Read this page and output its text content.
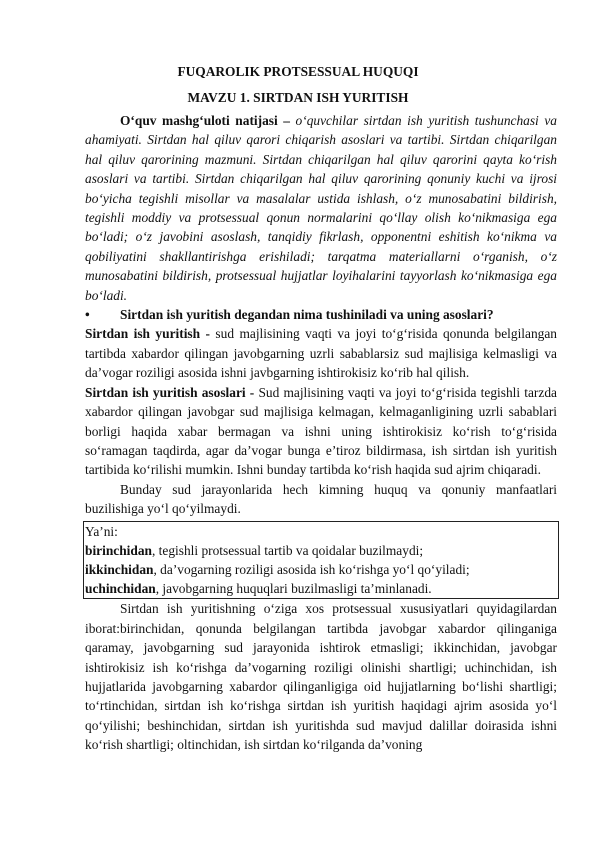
FUQAROLIK PROTSESSUAL HUQUQI
MAVZU 1. SIRTDAN ISH YURITISH

O‘quv mashg‘uloti natijasi – o‘quvchilar sirtdan ish yuritish tushunchasi va ahamiyati. Sirtdan hal qiluv qarori chiqarish asoslari va tartibi. Sirtdan chiqarilgan hal qiluv qarorining mazmuni. Sirtdan chiqarilgan hal qiluv qarorini qayta ko‘rish asoslari va tartibi. Sirtdan chiqarilgan hal qiluv qarorining qonuniy kuchi va ijrosi bo‘yicha tegishli misollar va masalalar ustida ishlash, o‘z munosabatini bildirish, tegishli moddiy va protsessual qonun normalarini qo‘llay olish ko‘nikmasiga ega bo‘ladi; o‘z javobini asoslash, tanqidiy fikrlash, opponentni eshitish ko‘nikma va qobiliyatini shakllantirishga erishiladi; tarqatma materiallarni o‘rganish, o‘z munosabatini bildirish, protsessual hujjatlar loyihalarini tayyorlash ko‘nikmasiga ega bo‘ladi.

•	Sirtdan ish yuritish degandan nima tushiniladi va uning asoslari?

Sirtdan ish yuritish - sud majlisining vaqti va joyi to‘g‘risida qonunda belgilangan tartibda xabardor qilingan javobgarning uzrli sabablarsiz sud majlisiga kelmasligi va da’vogar roziligi asosida ishni javbgarning ishtirokisiz ko‘rib hal qilish.

Sirtdan ish yuritish asoslari - Sud majlisining vaqti va joyi to‘g‘risida tegishli tarzda xabardor qilingan javobgar sud majlisiga kelmagan, kelmaganligining uzrli sabablari borligi haqida xabar bermagan va ishni uning ishtirokisiz ko‘rish to‘g‘risida so‘ramagan taqdirda, agar da’vogar bunga e’tiroz bildirmasa, ish sirtdan ish yuritish tartibida ko‘rilishi mumkin. Ishni bunday tartibda ko‘rish haqida sud ajrim chiqaradi.

Bunday sud jarayonlarida hech kimning huquq va qonuniy manfaatlari buzilishiga yo‘l qo‘yilmaydi.

Ya’ni:
birinchidan, tegishli protsessual tartib va qoidalar buzilmaydi;
ikkinchidan, da’vogarning roziligi asosida ish ko‘rishga yo‘l qo‘yiladi;
uchinchidan, javobgarning huquqlari buzilmasligi ta’minlanadi.

Sirtdan ish yuritishning o‘ziga xos protsessual xususiyatlari quyidagilardan iborat:birinchidan, qonunda belgilangan tartibda javobgar xabardor qilinganiga qaramay, javobgarning sud jarayonida ishtirok etmasligi; ikkinchidan, javobgar ishtirokisiz ish ko‘rishga da’vogarning roziligi olinishi shartligi; uchinchidan, ish hujjatlarida javobgarning xabardor qilinganligiga oid hujjatlarning bo‘lishi shartligi; to‘rtinchidan, sirtdan ish ko‘rishga sirtdan ish yuritish haqidagi ajrim asosida yo‘l qo‘yilishi; beshinchidan, sirtdan ish yuritishda sud mavjud dalillar doirasida ishni ko‘rish shartligi; oltinchidan, ish sirtdan ko‘rilganda da’voning
